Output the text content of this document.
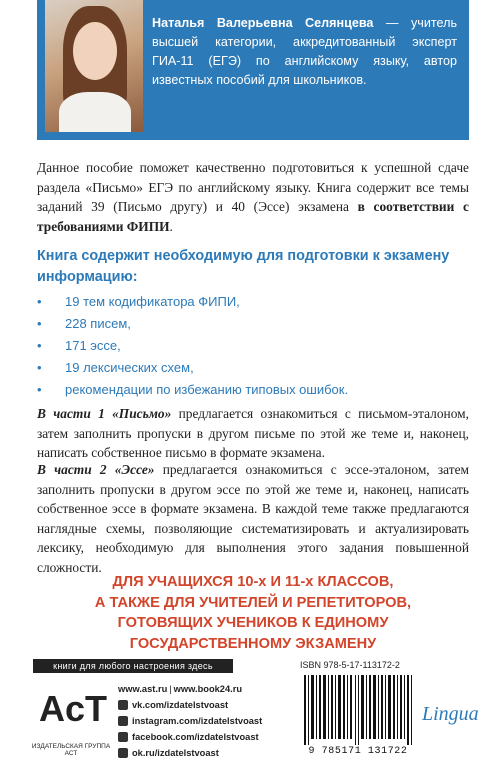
Наталья Валерьевна Селянцева — учитель высшей категории, аккредитованный эксперт ГИА-11 (ЕГЭ) по английскому языку, автор известных пособий для школьников.
Данное пособие поможет качественно подготовиться к успешной сдаче раздела «Письмо» ЕГЭ по английскому языку. Книга содержит все темы заданий 39 (Письмо другу) и 40 (Эссе) экзамена в соответствии с требованиями ФИПИ.
Книга содержит необходимую для подготовки к экзамену информацию:
• 19 тем кодификатора ФИПИ,
• 228 писем,
• 171 эссе,
• 19 лексических схем,
• рекомендации по избежанию типовых ошибок.
В части 1 «Письмо» предлагается ознакомиться с письмом-эталоном, затем заполнить пропуски в другом письме по этой же теме и, наконец, написать собственное письмо в формате экзамена.
В части 2 «Эссе» предлагается ознакомиться с эссе-эталоном, затем заполнить пропуски в другом эссе по этой же теме и, наконец, написать собственное эссе в формате экзамена. В каждой теме также предлагаются наглядные схемы, позволяющие систематизировать и актуализировать лексику, необходимую для выполнения этого задания повышенной сложности.
ДЛЯ УЧАЩИХСЯ 10-х И 11-х КЛАССОВ,
А ТАКЖЕ ДЛЯ УЧИТЕЛЕЙ И РЕПЕТИТОРОВ,
ГОТОВЯЩИХ УЧЕНИКОВ К ЕДИНОМУ
ГОСУДАРСТВЕННОМУ ЭКЗАМЕНУ
книги для любого настроения здесь
AcT
ИЗДАТЕЛЬСКАЯ ГРУППА АСТ
www.ast.ru | www.book24.ru
vk.com/izdatelstvoast
instagram.com/izdatelstvoast
facebook.com/izdatelstvoast
ok.ru/izdatelstvoast
ISBN 978-5-17-113172-2
9 785171 131722
Lingua
